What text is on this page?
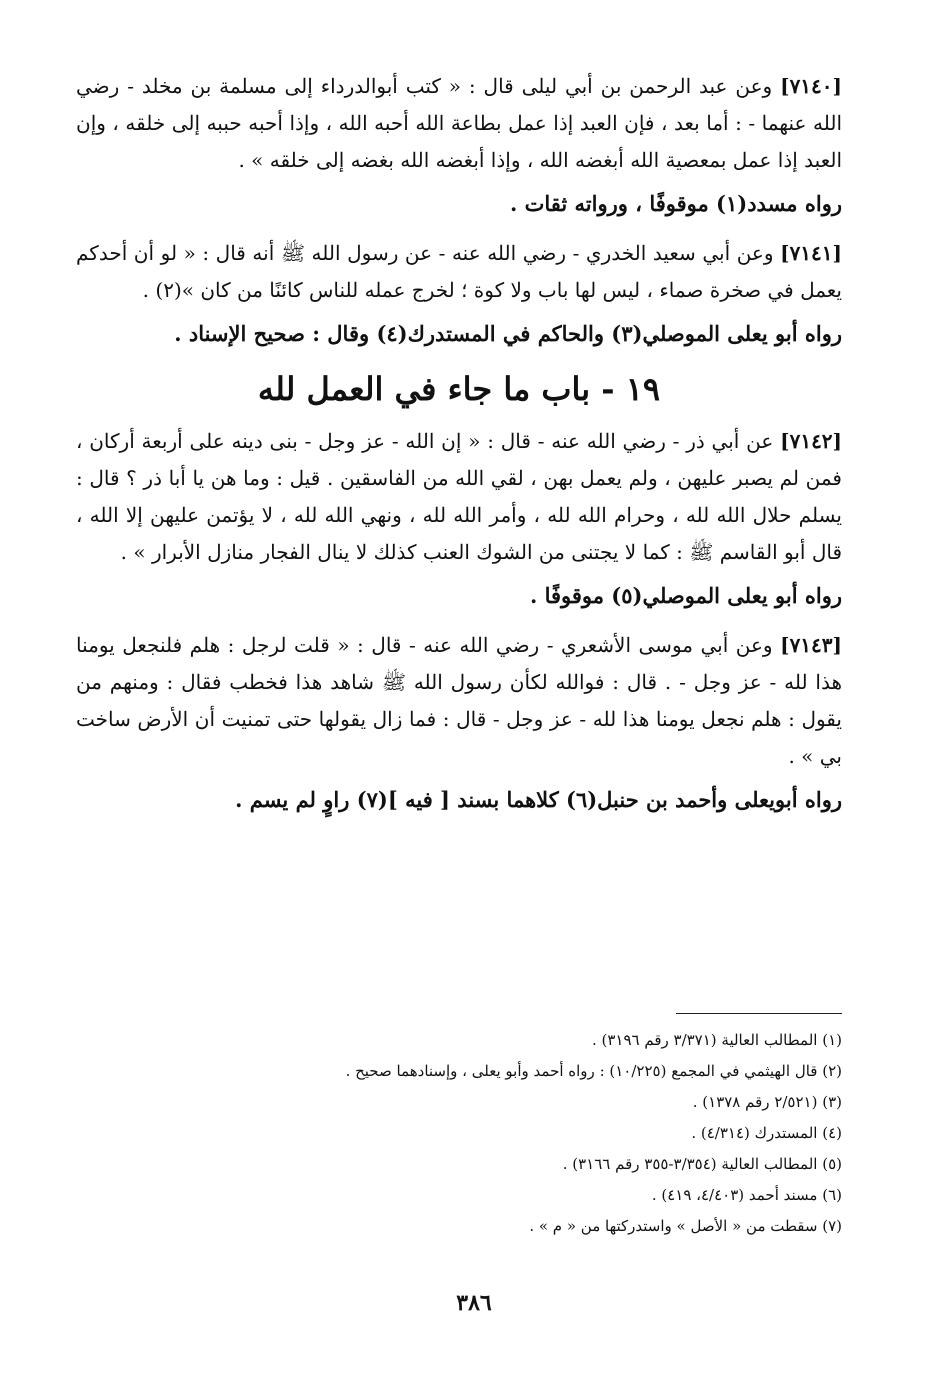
[٧١٤٠] وعن عبد الرحمن بن أبي ليلى قال : « كتب أبوالدرداء إلى مسلمة بن مخلد - رضي الله عنهما - : أما بعد ، فإن العبد إذا عمل بطاعة الله أحبه الله ، وإذا أحبه حببه إلى خلقه ، وإن العبد إذا عمل بمعصية الله أبغضه الله ، وإذا أبغضه الله بغضه إلى خلقه » .

رواه مسدد(١) موقوفًا ، ورواته ثقات .

[٧١٤١] وعن أبي سعيد الخدري - رضي الله عنه - عن رسول الله ﷺ أنه قال : « لو أن أحدكم يعمل في صخرة صماء ، ليس لها باب ولا كوة ؛ لخرج عمله للناس كائنًا من كان »(٢) .

رواه أبو يعلى الموصلي(٣) والحاكم في المستدرك(٤) وقال : صحيح الإسناد .

١٩ - باب ما جاء في العمل لله

[٧١٤٢] عن أبي ذر - رضي الله عنه - قال : « إن الله - عز وجل - بنى دينه على أربعة أركان ، فمن لم يصبر عليهن ، ولم يعمل بهن ، لقي الله من الفاسقين . قيل : وما هن يا أبا ذر ؟ قال : يسلم حلال الله لله ، وحرام الله لله ، وأمر الله لله ، ونهي الله لله ، لا يؤتمن عليهن إلا الله ، قال أبو القاسم ﷺ : كما لا يجتنى من الشوك العنب كذلك لا ينال الفجار منازل الأبرار » .

رواه أبو يعلى الموصلي(٥) موقوفًا .

[٧١٤٣] وعن أبي موسى الأشعري - رضي الله عنه - قال : « قلت لرجل : هلم فلنجعل يومنا هذا لله - عز وجل - . قال : فوالله لكأن رسول الله ﷺ شاهد هذا فخطب فقال : ومنهم من يقول : هلم نجعل يومنا هذا لله - عز وجل - قال : فما زال يقولها حتى تمنيت أن الأرض ساخت بي » .

رواه أبويعلى وأحمد بن حنبل(٦) كلاهما بسند [ فيه ](٧) راوٍ لم يسم .

(١) المطالب العالية (٣/٣٧١ رقم ٣١٩٦) .
(٢) قال الهيثمي في المجمع (١٠/٢٢٥) : رواه أحمد وأبو يعلى ، وإسنادهما صحيح .
(٣) (٢/٥٢١ رقم ١٣٧٨) .
(٤) المستدرك (٤/٣١٤) .
(٥) المطالب العالية (٣/٣٥٤-٣٥٥ رقم ٣١٦٦) .
(٦) مسند أحمد (٤/٤٠٣، ٤١٩) .
(٧) سقطت من « الأصل » واستدركتها من « م » .
٣٨٦
